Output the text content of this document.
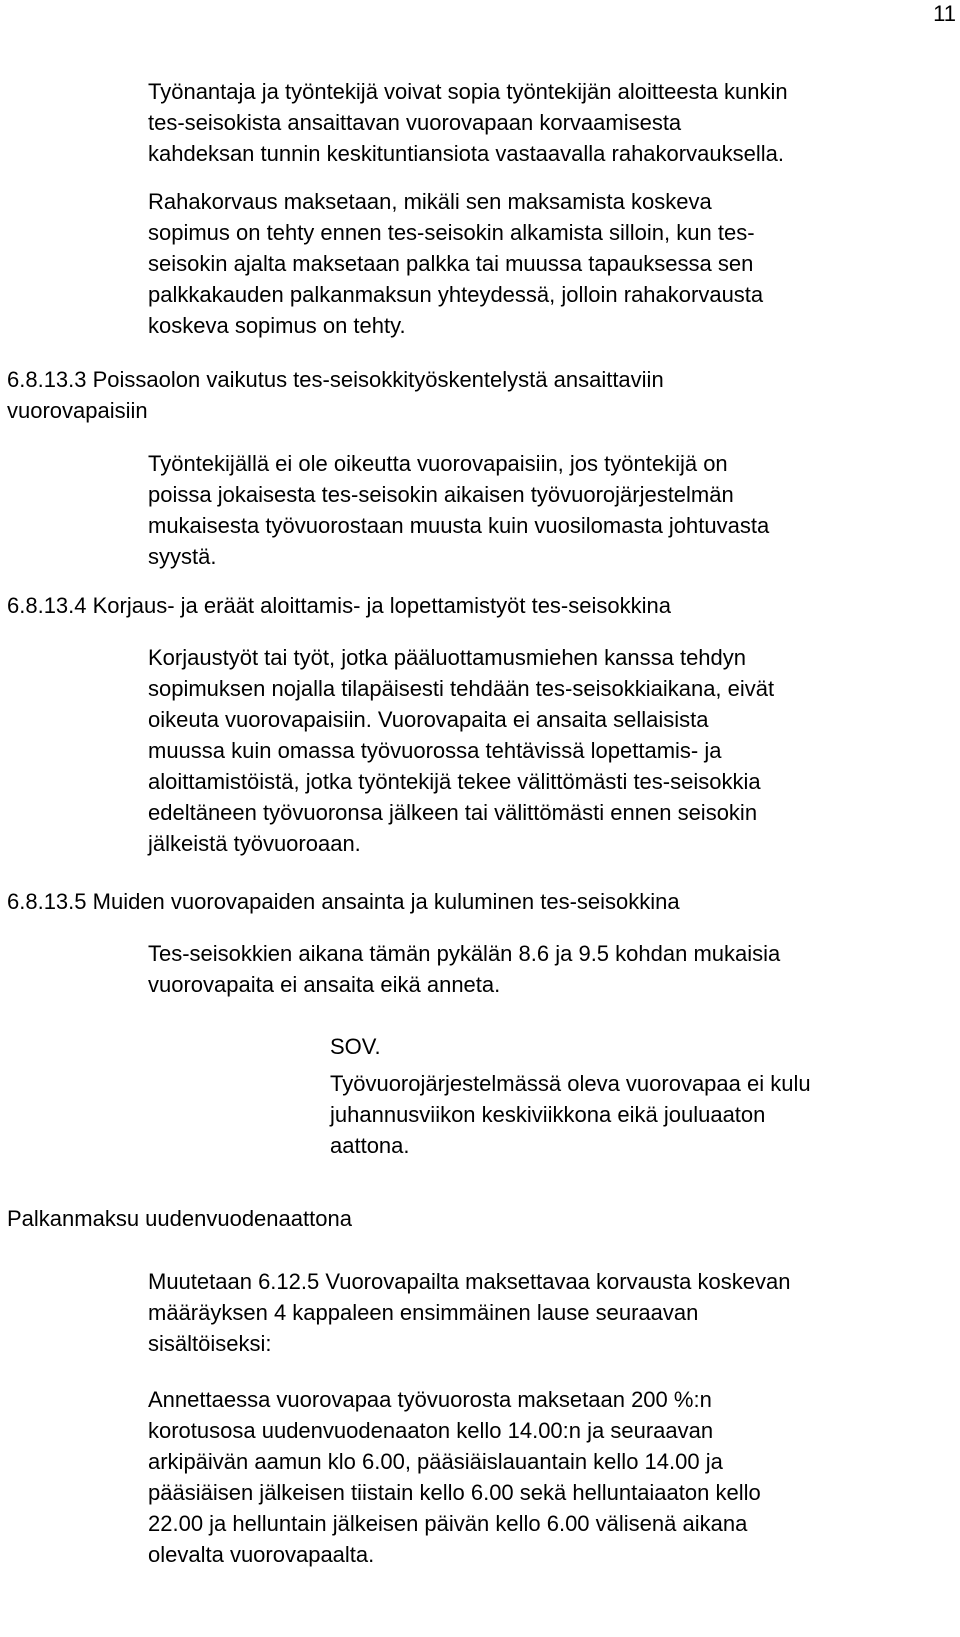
11

Työnantaja ja työntekijä voivat sopia työntekijän aloitteesta kunkin
tes-seisokista ansaittavan vuorovapaan korvaamisesta
kahdeksan tunnin keskituntiansiota vastaavalla rahakorvauksella.

Rahakorvaus maksetaan, mikäli sen maksamista koskeva
sopimus on tehty ennen tes-seisokin alkamista silloin, kun tes-
seisokin ajalta maksetaan palkka tai muussa tapauksessa sen
palkkakauden palkanmaksun yhteydessä, jolloin rahakorvausta
koskeva sopimus on tehty.

6.8.13.3 Poissaolon vaikutus tes-seisokkityöskentelystä ansaittaviin
vuorovapaisiin

Työntekijällä ei ole oikeutta vuorovapaisiin, jos työntekijä on
poissa jokaisesta tes-seisokin aikaisen työvuorojärjestelmän
mukaisesta työvuorostaan muusta kuin vuosilomasta johtuvasta
syystä.

6.8.13.4 Korjaus- ja eräät aloittamis- ja lopettamistyöt tes-seisokkina

Korjaustyöt tai työt, jotka pääluottamusmiehen kanssa tehdyn
sopimuksen nojalla tilapäisesti tehdään tes-seisokkiaikana, eivät
oikeuta vuorovapaisiin. Vuorovapaita ei ansaita sellaisista
muussa kuin omassa työvuorossa tehtävissä lopettamis- ja
aloittamistöistä, jotka työntekijä tekee välittömästi tes-seisokkia
edeltäneen työvuoronsa jälkeen tai välittömästi ennen seisokin
jälkeistä työvuoroaan.

6.8.13.5 Muiden vuorovapaiden ansainta ja kuluminen tes-seisokkina

Tes-seisokkien aikana tämän pykälän 8.6 ja 9.5 kohdan mukaisia
vuorovapaita ei ansaita eikä anneta.

SOV.

Työvuorojärjestelmässä oleva vuorovapaa ei kulu
juhannusviikon keskiviikkona eikä jouluaaton
aattona.

Palkanmaksu uudenvuodenaattona

Muutetaan 6.12.5 Vuorovapailta maksettavaa korvausta koskevan
määräyksen 4 kappaleen ensimmäinen lause seuraavan
sisältöiseksi:

Annettaessa vuorovapaa työvuorosta maksetaan 200 %:n
korotusosa uudenvuodenaaton kello 14.00:n ja seuraavan
arkipäivän aamun klo 6.00, pääsiäislauantain kello 14.00 ja
pääsiäisen jälkeisen tiistain kello 6.00 sekä helluntaiaaton kello
22.00 ja helluntain jälkeisen päivän kello 6.00 välisenä aikana
olevalta vuorovapaalta.
